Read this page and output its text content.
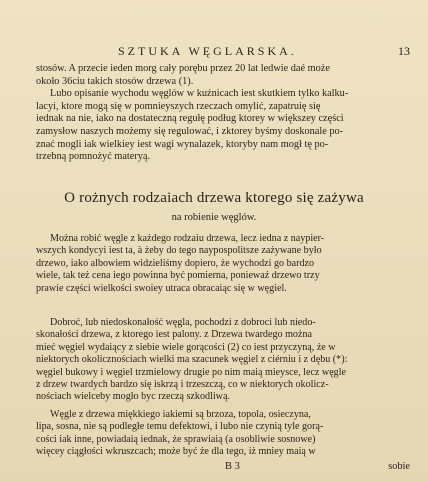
SZTUKA WĘGLARSKA.	13
stosów. A przecie ieden morg cały porębu przez 20 lat ledwie daé może
około 36ciu takich stosów drzewa (1).
Lubo opisanie wychodu węglów w kuźnicach iest skutkiem tylko kalku-
lacyi, ktore mogą się w pomnieyszych rzeczach omylić, zapatruię się
iednak na nie, iako na dostateczną regułę podług ktorey w większey części
zamysłow naszych możemy się regulować, i zktorey byśmy doskonale po-
znać mogli iak wielkiey iest wagi wynalazek, ktoryby nam mogł tę po-
trzebną pomnożyć materyą.
O rożnych rodzaiach drzewa ktorego się zażywa
na robienie węglów.
Można robić węgle z każdego rodzaiu drzewa, lecz iedna z naypier-
wszych kondycyi iest ta, à żeby do tego naypospolitsze zażywane było
drzewo, iako albowiem widzieliśmy dopiero, że wychodzi go bardzo
wiele, tak też cena iego powinna być pomierna, poniewaź drzewo trzy
prawie części wielkości swoiey utraca obracaiąc się w węgiel.
Dobroć, lub niedoskonałość węgla, pochodzi z dobroci lub niedo-
skonałości drzewa, z ktorego iest palony. z Drzewa twardego można
mieć węgiel wydaiący z siebie wiele gorącości (2) co iest przyczyną, że w
niektorych okolicznościach wielki ma szacunek węgiel z ciérniu i z dębu (*):
węgiel bukowy i węgiel trzmielowy drugie po nim maią mieysce, lecz węgle
z drzew twardych bardzo się iskrzą i trzeszczą, co w niektorych okolicz-
nościach wielceby mogło byc rzeczą szkodliwą.
Węgle z drzewa miękkiego iakiemi są brzoza, topola, osieczyna,
lipa, sosna, nie są podległe temu defektowi, i lubo nie czynią tyle gorą-
cości iak inne, powiadaią iednak, że sprawiaią (a osobliwie sosnowe)
więcey ciągłości wkruszcach; może być że dla tego, iż mniey maią w
B 3	sobie
